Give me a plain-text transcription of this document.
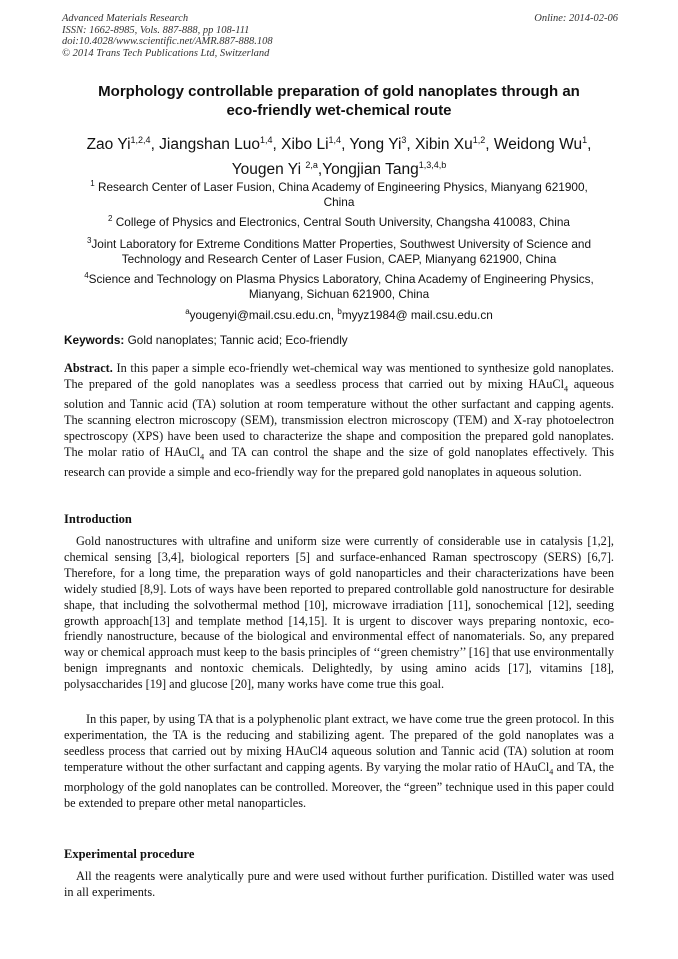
Advanced Materials Research
ISSN: 1662-8985, Vols. 887-888, pp 108-111
doi:10.4028/www.scientific.net/AMR.887-888.108
© 2014 Trans Tech Publications Ltd, Switzerland
Online: 2014-02-06
Morphology controllable preparation of gold nanoplates through an
eco-friendly wet-chemical route
Zao Yi$^{1,2,4}$, Jiangshan Luo$^{1,4}$, Xibo Li$^{1,4}$, Yong Yi$^3$, Xibin Xu$^{1,2}$, Weidong Wu$^1$,
Yougen Yi $^{2,a}$,Yongjian Tang$^{1,3,4,b}$
$^1$ Research Center of Laser Fusion, China Academy of Engineering Physics, Mianyang 621900,
China
$^2$ College of Physics and Electronics, Central South University, Changsha 410083, China
$^3$Joint Laboratory for Extreme Conditions Matter Properties, Southwest University of Science and
Technology and Research Center of Laser Fusion, CAEP, Mianyang 621900, China
$^4$Science and Technology on Plasma Physics Laboratory, China Academy of Engineering Physics,
Mianyang, Sichuan 621900, China
$^a$yougenyi@mail.csu.edu.cn, $^b$myyz1984@ mail.csu.edu.cn
Keywords: Gold nanoplates; Tannic acid; Eco-friendly
Abstract. In this paper a simple eco-friendly wet-chemical way was mentioned to synthesize gold nanoplates. The prepared of the gold nanoplates was a seedless process that carried out by mixing HAuCl$_4$ aqueous solution and Tannic acid (TA) solution at room temperature without the other surfactant and capping agents. The scanning electron microscopy (SEM), transmission electron microscopy (TEM) and X-ray photoelectron spectroscopy (XPS) have been used to characterize the shape and composition the prepared gold nanoplates. The molar ratio of HAuCl$_4$ and TA can control the shape and the size of gold nanoplates effectively. This research can provide a simple and eco-friendly way for the prepared gold nanoplates in aqueous solution.
Introduction
Gold nanostructures with ultrafine and uniform size were currently of considerable use in catalysis [1,2], chemical sensing [3,4], biological reporters [5] and surface-enhanced Raman spectroscopy (SERS) [6,7]. Therefore, for a long time, the preparation ways of gold nanoparticles and their characterizations have been widely studied [8,9]. Lots of ways have been reported to prepared controllable gold nanostructure for desirable shape, that including the solvothermal method [10], microwave irradiation [11], sonochemical [12], seeding growth approach[13] and template method [14,15]. It is urgent to discover ways preparing nontoxic, eco-friendly nanostructure, because of the biological and environmental effect of nanomaterials. So, any prepared way or chemical approach must keep to the basis principles of ‘‘green chemistry’’ [16] that use environmentally benign impregnants and nontoxic chemicals. Delightedly, by using amino acids [17], vitamins [18], polysaccharides [19] and glucose [20], many works have come true this goal.
In this paper, by using TA that is a polyphenolic plant extract, we have come true the green protocol. In this experimentation, the TA is the reducing and stabilizing agent. The prepared of the gold nanoplates was a seedless process that carried out by mixing HAuCl4 aqueous solution and Tannic acid (TA) solution at room temperature without the other surfactant and capping agents. By varying the molar ratio of HAuCl$_4$ and TA, the morphology of the gold nanoplates can be controlled. Moreover, the “green” technique used in this paper could be extended to prepare other metal nanoparticles.
Experimental procedure
All the reagents were analytically pure and were used without further purification. Distilled water was used in all experiments.
